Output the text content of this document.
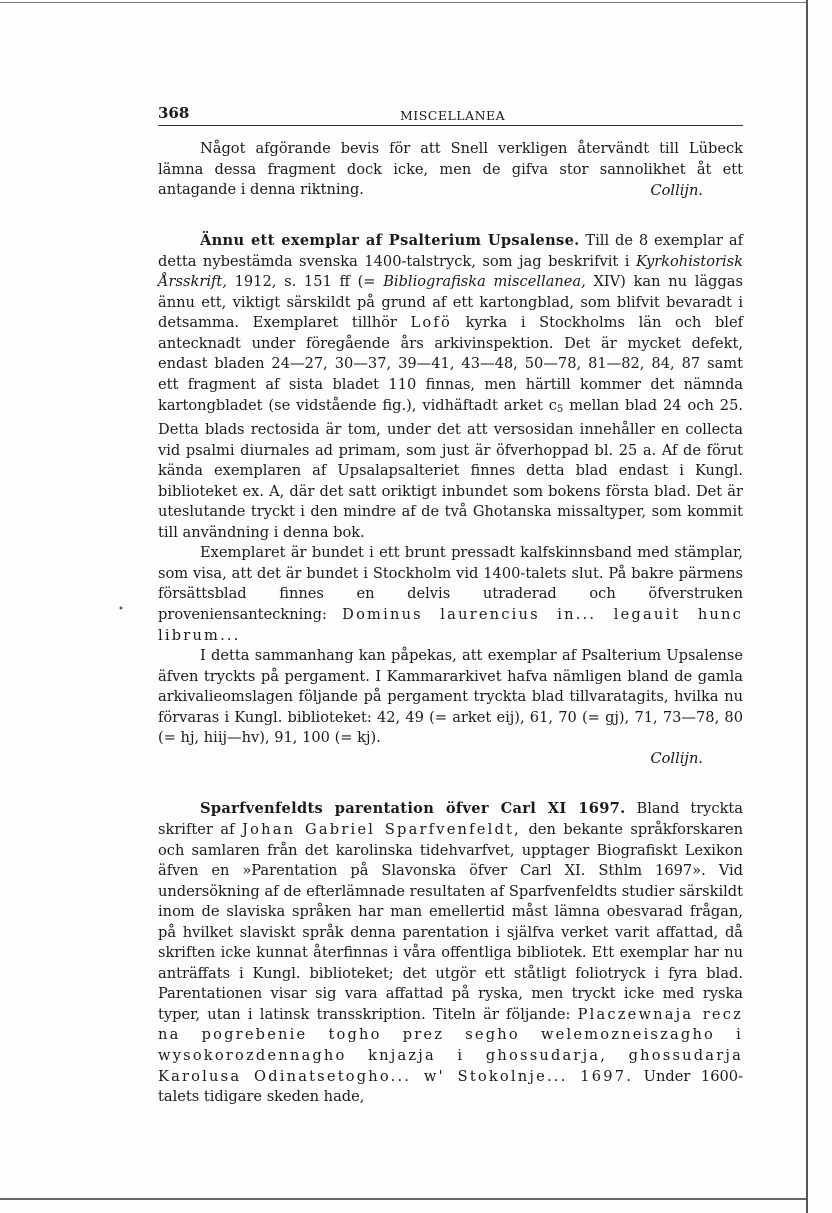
•
368	MISCELLANEA

Något afgörande bevis för att Snell verkligen återvändt till Lübeck lämna dessa fragment dock icke, men de gifva stor sannolikhet åt ett antagande i denna riktning.	Collijn.

Ännu ett exemplar af Psalterium Upsalense. Till de 8 exemplar af detta nybestämda svenska 1400-talstryck, som jag beskrifvit i Kyrkohistorisk Årsskrift, 1912, s. 151 ff (= Bibliografiska miscellanea, XIV) kan nu läggas ännu ett, viktigt särskildt på grund af ett kartongblad, som blifvit bevaradt i detsamma. Exemplaret tillhör Lofö kyrka i Stockholms län och blef antecknadt under föregående års arkivinspektion. Det är mycket defekt, endast bladen 24—27, 30—37, 39—41, 43—48, 50—78, 81—82, 84, 87 samt ett fragment af sista bladet 110 finnas, men härtill kommer det nämnda kartongbladet (se vidstående fig.), vidhäftadt arket $c_5$ mellan blad 24 och 25. Detta blads rectosida är tom, under det att versosidan innehåller en collecta vid psalmi diurnales ad primam, som just är öfverhoppad bl. 25 a. Af de förut kända exemplaren af Upsalapsalteriet finnes detta blad endast i Kungl. biblioteket ex. A, där det satt oriktigt inbundet som bokens första blad. Det är uteslutande tryckt i den mindre af de två Ghotanska missaltyper, som kommit till användning i denna bok.

Exemplaret är bundet i ett brunt pressadt kalfskinnsband med stämplar, som visa, att det är bundet i Stockholm vid 1400-talets slut. På bakre pärmens försättsblad finnes en delvis utraderad och öfverstruken proveniensanteckning: Dominus laurencius in... legauit hunc librum...

I detta sammanhang kan påpekas, att exemplar af Psalterium Upsalense äfven tryckts på pergament. I Kammararkivet hafva nämligen bland de gamla arkivalieomslagen följande på pergament tryckta blad tillvaratagits, hvilka nu förvaras i Kungl. biblioteket: 42, 49 (= arket eij), 61, 70 (= gj), 71, 73—78, 80 (= hj, hiij—hv), 91, 100 (= kj).

Collijn.

Sparfvenfeldts parentation öfver Carl XI 1697. Bland tryckta skrifter af Johan Gabriel Sparfvenfeldt, den bekante språkforskaren och samlaren från det karolinska tidehvarfvet, upptager Biografiskt Lexikon äfven en »Parentation på Slavonska öfver Carl XI. Sthlm 1697». Vid undersökning af de efterlämnade resultaten af Sparfvenfeldts studier särskildt inom de slaviska språken har man emellertid måst lämna obesvarad frågan, på hvilket slaviskt språk denna parentation i själfva verket varit affattad, då skriften icke kunnat återfinnas i våra offentliga bibliotek. Ett exemplar har nu anträffats i Kungl. biblioteket; det utgör ett ståtligt foliotryck i fyra blad. Parentationen visar sig vara affattad på ryska, men tryckt icke med ryska typer, utan i latinsk transskription. Titeln är följande: Placzewnaja recz na pogrebenie togho prez segho welemozneiszagho i wysokorozdennagho knjazja i ghossudarja, ghossudarja Karolusa Odinatsetogho... w' Stokolnje... 1697. Under 1600-talets tidigare skeden hade,
